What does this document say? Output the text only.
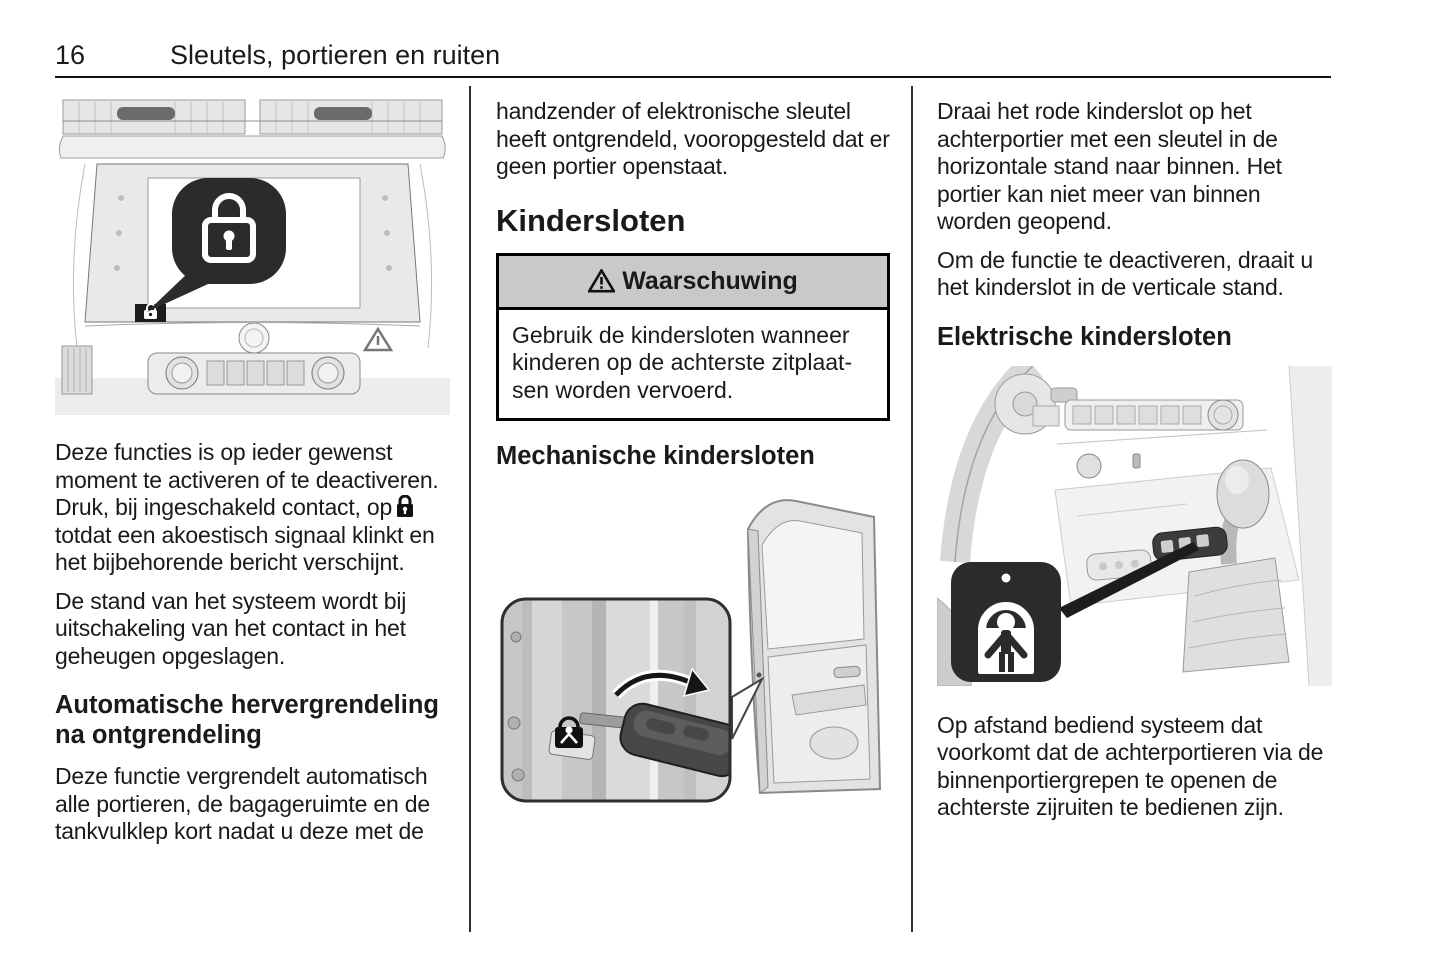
16	Sleutels, portieren en ruiten

Deze functies is op ieder gewenst moment te activeren of te deactiveren. Druk, bij ingeschakeld contact, optotdat een akoestisch signaal klinkt en het bijbehorende bericht verschijnt.

De stand van het systeem wordt bij uitschakeling van het contact in het geheugen opgeslagen.

Automatische hervergrendeling na ontgrendeling

Deze functie vergrendelt automatisch alle portieren, de bagageruimte en de tankvulklep kort nadat u deze met de

handzender of elektronische sleutel heeft ontgrendeld, vooropgesteld dat er geen portier openstaat.

Kindersloten
Waarschuwing
Gebruik de kindersloten wanneer kinderen op de achterste zitplaatsen worden vervoerd.
Mechanische kindersloten

Draai het rode kinderslot op het achterportier met een sleutel in de horizontale stand naar binnen. Het portier kan niet meer van binnen worden geopend.

Om de functie te deactiveren, draait u het kinderslot in de verticale stand.

Elektrische kindersloten

Op afstand bediend systeem dat voorkomt dat de achterportieren via de binnenportiergrepen te openen de achterste zijruiten te bedienen zijn.
